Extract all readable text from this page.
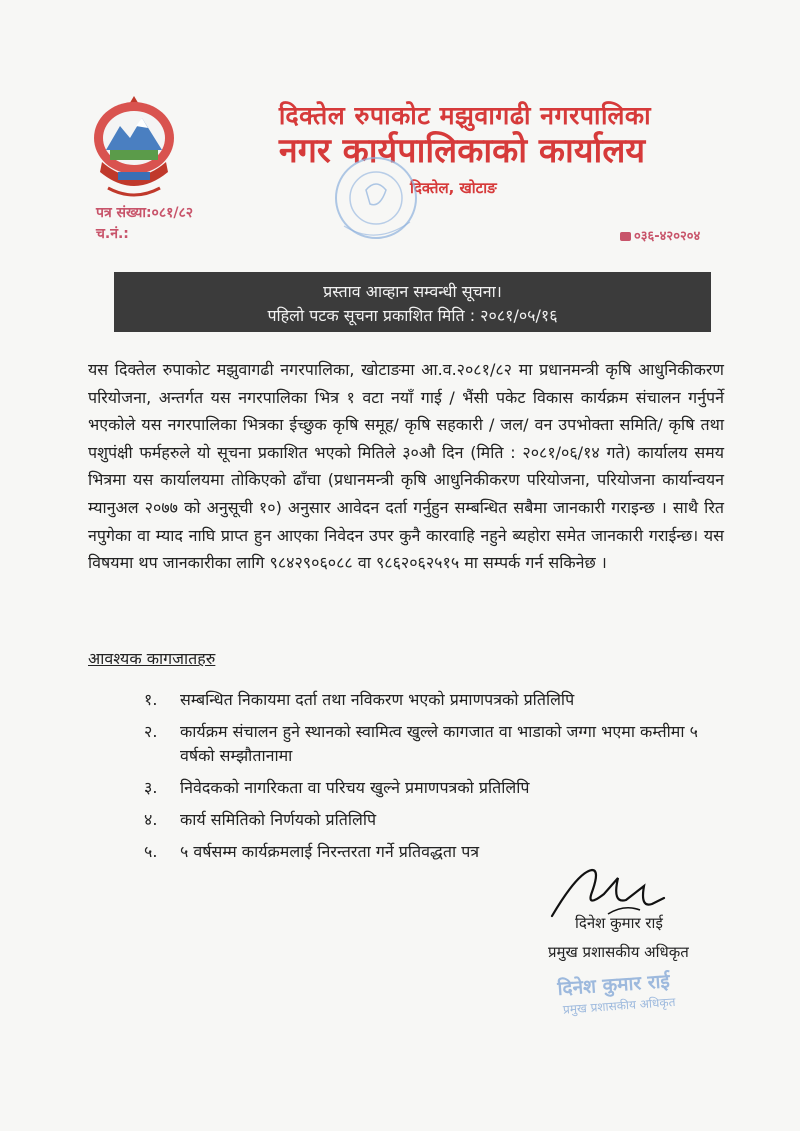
दिक्तेल रुपाकोट मझुवागढी नगरपालिका
नगर कार्यपालिकाको कार्यालय
दिक्तेल, खोटाङ
पत्र संख्या:०८१/८२
च.नं.:	०३६-४२०२०४
प्रस्ताव आव्हान सम्वन्धी सूचना।
पहिलो पटक सूचना प्रकाशित मिति : २०८१/०५/१६
यस दिक्तेल रुपाकोट मझुवागढी नगरपालिका, खोटाङमा आ.व.२०८१/८२ मा प्रधानमन्त्री कृषि आधुनिकीकरण परियोजना, अन्तर्गत यस नगरपालिका भित्र १ वटा नयाँ गाई / भैंसी पकेट विकास कार्यक्रम संचालन गर्नुपर्ने भएकोले यस नगरपालिका भित्रका ईच्छुक कृषि समूह/ कृषि सहकारी / जल/ वन उपभोक्ता समिति/ कृषि तथा पशुपंक्षी फर्महरुले यो सूचना प्रकाशित भएको मितिले ३०औ दिन (मिति : २०८१/०६/१४ गते) कार्यालय समय भित्रमा यस कार्यालयमा तोकिएको ढाँचा (प्रधानमन्त्री कृषि आधुनिकीकरण परियोजना, परियोजना कार्यान्वयन म्यानुअल २०७७ को अनुसूची १०) अनुसार आवेदन दर्ता गर्नुहुन सम्बन्धित सबैमा जानकारी गराइन्छ । साथै रित नपुगेका वा म्याद नाघि प्राप्त हुन आएका निवेदन उपर कुनै कारवाहि नहुने ब्यहोरा समेत जानकारी गराईन्छ। यस विषयमा थप जानकारीका लागि ९८४२९०६०८८ वा ९८६२०६२५१५ मा सम्पर्क गर्न सकिनेछ ।
आवश्यक कागजातहरु
१. सम्बन्धित निकायमा दर्ता तथा नविकरण भएको प्रमाणपत्रको प्रतिलिपि
२. कार्यक्रम संचालन हुने स्थानको स्वामित्व खुल्ले कागजात वा भाडाको जग्गा भएमा कम्तीमा ५ वर्षको सम्झौतानामा
३. निवेदकको नागरिकता वा परिचय खुल्ने प्रमाणपत्रको प्रतिलिपि
४. कार्य समितिको निर्णयको प्रतिलिपि
५. ५ वर्षसम्म कार्यक्रमलाई निरन्तरता गर्ने प्रतिवद्धता पत्र
दिनेश कुमार राई
प्रमुख प्रशासकीय अधिकृत
दिनेश कुमार राई
प्रमुख प्रशासकीय अधिकृत
